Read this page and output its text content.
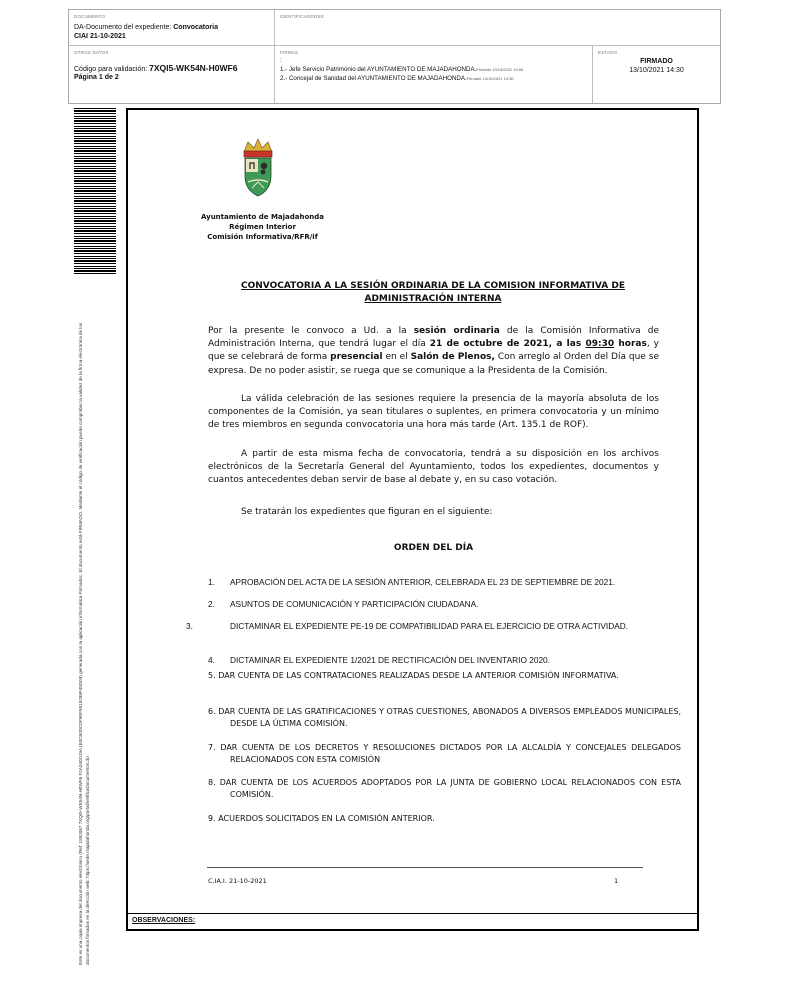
DOCUMENTO
DA-Documento del expediente: Convocatoria
CIAI 21-10-2021
IDENTIFICADORES
OTROS DATOS
Código para validación: 7XQI5-WK54N-H0WF6
Página 1 de 2
FIRMAS
:
1.- Jefe Servicio Patrimonio del AYUNTAMIENTO DE MAJADAHONDA.Firmado 13/10/2021 14:55
2.- Concejal de Sanidad del AYUNTAMIENTO DE MAJADAHONDA.Firmado 13/10/2021 14:30
ESTADO
FIRMADO
13/10/2021 14:30
Este es una copia impresa del documento electrónico (Ref: 1592067 7XQI5-WK54N-H0WF6 F2A340D19A1E0C60DC0F9EF9515289F45D09) generada con la aplicación informática Firmadoc. El documento está FIRMADO. Mediante el código de verificación puede comprobar la validez de la firma electrónica de los documentos firmados en la dirección web: https://sede.majadahonda.org/portal/verificaDocumentos.do	OBSERVACIONES:
Ayuntamiento de Majadahonda
Régimen Interior
Comisión Informativa/RFR/if
CONVOCATORIA A LA SESIÓN ORDINARIA DE LA COMISION INFORMATIVA DE
ADMINISTRACIÓN INTERNA
Por la presente le convoco a Ud. a la sesión ordinaria de la Comisión Informativa de Administración Interna, que tendrá lugar el día 21 de octubre de 2021, a las 09:30 horas, y que se celebrará de forma presencial en el Salón de Plenos, Con arreglo al Orden del Día que se expresa. De no poder asistir, se ruega que se comunique a la Presidenta de la Comisión.
La válida celebración de las sesiones requiere la presencia de la mayoría absoluta de los componentes de la Comisión, ya sean titulares o suplentes, en primera convocatoria y un mínimo de tres miembros en segunda convocatoria una hora más tarde (Art. 135.1 de ROF).
A partir de esta misma fecha de convocatoria, tendrá a su disposición en los archivos electrónicos de la Secretaría General del Ayuntamiento, todos los expedientes, documentos y cuantos antecedentes deban servir de base al debate y, en su caso votación.
Se tratarán los expedientes que figuran en el siguiente:
ORDEN DEL DÍA
1. APROBACIÓN DEL ACTA DE LA SESIÓN ANTERIOR, CELEBRADA EL 23 DE SEPTIEMBRE DE 2021.
2. ASUNTOS DE COMUNICACIÓN Y PARTICIPACIÓN CIUDADANA.
3.	DICTAMINAR EL EXPEDIENTE PE-19 DE COMPATIBILIDAD PARA EL EJERCICIO DE OTRA ACTIVIDAD.
4. DICTAMINAR EL EXPEDIENTE 1/2021 DE RECTIFICACIÓN DEL INVENTARIO 2020.
5. DAR CUENTA DE LAS CONTRATACIONES REALIZADAS DESDE LA ANTERIOR COMISIÓN INFORMATIVA.
6. DAR CUENTA DE LAS GRATIFICACIONES Y OTRAS CUESTIONES, ABONADOS A DIVERSOS EMPLEADOS MUNICIPALES, DESDE LA ÚLTIMA COMISIÓN.
7. DAR CUENTA DE LOS DECRETOS Y RESOLUCIONES DICTADOS POR LA ALCALDÍA Y CONCEJALES DELEGADOS RELACIONADOS CON ESTA COMISIÓN
8. DAR CUENTA DE LOS ACUERDOS ADOPTADOS POR LA JUNTA DE GOBIERNO LOCAL RELACIONADOS CON ESTA COMISIÓN.
9. ACUERDOS SOLICITADOS EN LA COMISIÓN ANTERIOR.
C.IA.I. 21-10-2021	1
